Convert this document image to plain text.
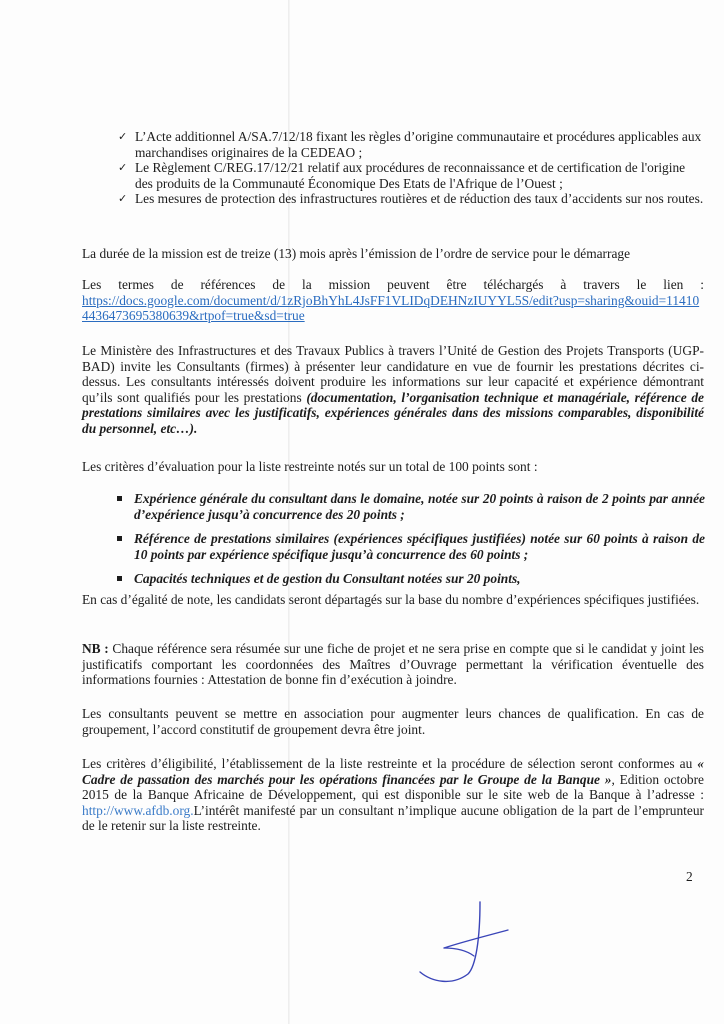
✓ L’Acte additionnel A/SA.7/12/18 fixant les règles d’origine communautaire et procédures applicables aux marchandises originaires de la CEDEAO ;
✓ Le Règlement C/REG.17/12/21 relatif aux procédures de reconnaissance et de certification de l'origine des produits de la Communauté Économique Des Etats de l'Afrique de l’Ouest ;
✓ Les mesures de protection des infrastructures routières et de réduction des taux d’accidents sur nos routes.

La durée de la mission est de treize (13) mois après l’émission de l’ordre de service pour le démarrage

Les termes de références de la mission peuvent être téléchargés à travers le lien :

https://docs.google.com/document/d/1zRjoBhYhL4JsFF1VLIDqDEHNzIUYYL5S/edit?usp=sharing&ouid=114104436473695380639&rtpof=true&sd=true

Le Ministère des Infrastructures et des Travaux Publics à travers l’Unité de Gestion des Projets Transports (UGP-BAD) invite les Consultants (firmes) à présenter leur candidature en vue de fournir les prestations décrites ci-dessus. Les consultants intéressés doivent produire les informations sur leur capacité et expérience démontrant qu’ils sont qualifiés pour les prestations (documentation, l’organisation technique et managériale, référence de prestations similaires avec les justificatifs, expériences générales dans des missions comparables, disponibilité du personnel, etc…).

Les critères d’évaluation pour la liste restreinte notés sur un total de 100 points sont :

Expérience générale du consultant dans le domaine, notée sur 20 points à raison de 2 points par année d’expérience jusqu’à concurrence des 20 points ;
Référence de prestations similaires (expériences spécifiques justifiées) notée sur 60 points à raison de 10 points par expérience spécifique jusqu’à concurrence des 60 points ;
Capacités techniques et de gestion du Consultant notées sur 20 points,

En cas d’égalité de note, les candidats seront départagés sur la base du nombre d’expériences spécifiques justifiées.

NB : Chaque référence sera résumée sur une fiche de projet et ne sera prise en compte que si le candidat y joint les justificatifs comportant les coordonnées des Maîtres d’Ouvrage permettant la vérification éventuelle des informations fournies : Attestation de bonne fin d’exécution à joindre.

Les consultants peuvent se mettre en association pour augmenter leurs chances de qualification. En cas de groupement, l’accord constitutif de groupement devra être joint.

Les critères d’éligibilité, l’établissement de la liste restreinte et la procédure de sélection seront conformes au « Cadre de passation des marchés pour les opérations financées par le Groupe de la Banque », Edition octobre 2015 de la Banque Africaine de Développement, qui est disponible sur le site web de la Banque à l’adresse : http://www.afdb.org.L’intérêt manifesté par un consultant n’implique aucune obligation de la part de l’emprunteur de le retenir sur la liste restreinte.

2
